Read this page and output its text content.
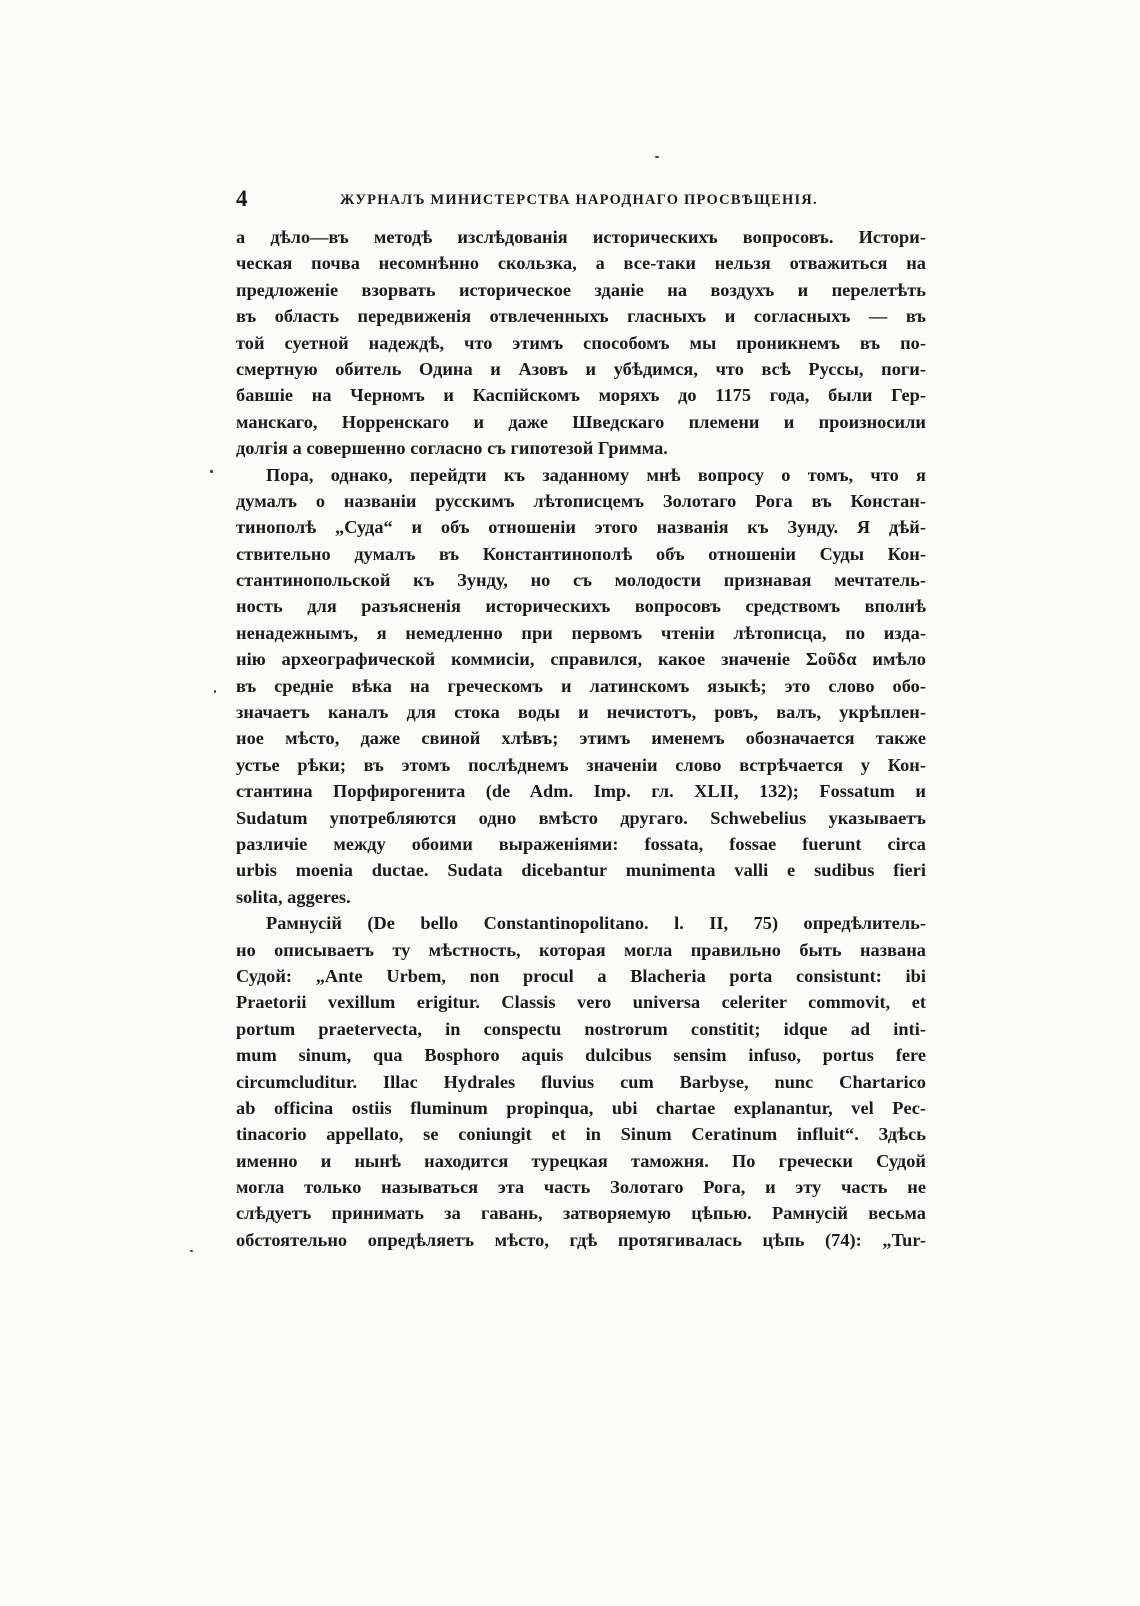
4	ЖУРНАЛЪ МИНИСТЕРСТВА НАРОДНАГО ПРОСВѢЩЕНІЯ.
а дѣло—въ методѣ изслѣдованія историческихъ вопросовъ. Истори-
ческая почва несомнѣнно скользка, а все-таки нельзя отважиться на
предложеніе взорвать историческое зданіе на воздухъ и перелетѣть
въ область передвиженія отвлеченныхъ гласныхъ и согласныхъ — въ
той суетной надеждѣ, что этимъ способомъ мы проникнемъ въ по-
смертную обитель Одина и Азовъ и убѣдимся, что всѣ Руссы, поги-
бавшіе на Черномъ и Каспійскомъ моряхъ до 1175 года, были Гер-
манскаго, Норренскаго и даже Шведскаго племени и произносили
долгія а совершенно согласно съ гипотезой Гримма.
Пора, однако, перейдти къ заданному мнѣ вопросу о томъ, что я
думалъ о названіи русскимъ лѣтописцемъ Золотаго Рога въ Констан-
тинополѣ „Суда“ и объ отношеніи этого названія къ Зунду. Я дѣй-
ствительно думалъ въ Константинополѣ объ отношеніи Суды Кон-
стантинопольской къ Зунду, но съ молодости признавая мечтатель-
ность для разъясненія историческихъ вопросовъ средствомъ вполнѣ
ненадежнымъ, я немедленно при первомъ чтеніи лѣтописца, по изда-
нію археографической коммисіи, справился, какое значеніе Σοῦδα имѣло
въ средніе вѣка на греческомъ и латинскомъ языкѣ; это слово обо-
значаетъ каналъ для стока воды и нечистотъ, ровъ, валъ, укрѣплен-
ное мѣсто, даже свиной хлѣвъ; этимъ именемъ обозначается также
устье рѣки; въ этомъ послѣднемъ значеніи слово встрѣчается у Кон-
стантина Порфирогенита (de Adm. Imp. гл. XLII, 132); Fossatum и
Sudatum употребляются одно вмѣсто другаго. Schwebelius указываетъ
различіе между обоими выраженіями: fossata, fossae fuerunt circa
urbis moenia ductae. Sudata dicebantur munimenta valli e sudibus fieri
solita, aggeres.
Рамнусій (De bello Constantinopolitano. l. II, 75) опредѣлитель-
но описываетъ ту мѣстность, которая могла правильно быть названа
Судой: „Ante Urbem, non procul a Blacheria porta consistunt: ibi
Praetorii vexillum erigitur. Classis vero universa celeriter commovit, et
portum praetervecta, in conspectu nostrorum constitit; idque ad inti-
mum sinum, qua Bosphoro aquis dulcibus sensim infuso, portus fere
circumcluditur. Illac Hydrales fluvius cum Barbyse, nunc Chartarico
ab officina ostiis fluminum propinqua, ubi chartae explanantur, vel Pec-
tinacorio appellato, se coniungit et in Sinum Ceratinum influit“. Здѣсь
именно и нынѣ находится турецкая таможня. По гречески Судой
могла только называться эта часть Золотаго Рога, и эту часть не
слѣдуетъ принимать за гавань, затворяемую цѣпью. Рамнусій весьма
обстоятельно опредѣляетъ мѣсто, гдѣ протягивалась цѣпь (74): „Tur-
